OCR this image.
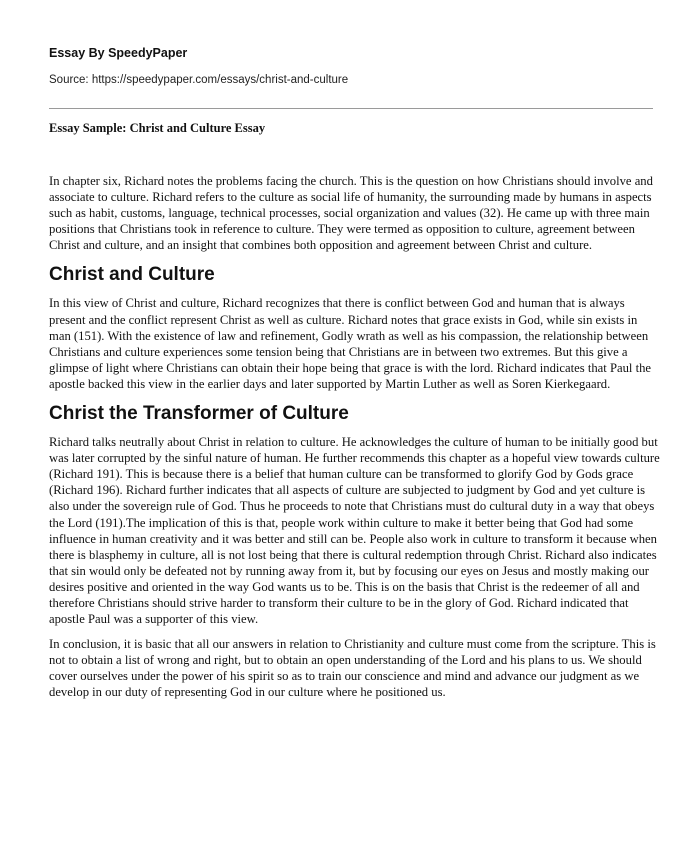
Essay By SpeedyPaper

Source: https://speedypaper.com/essays/christ-and-culture

Essay Sample: Christ and Culture Essay

In chapter six, Richard notes the problems facing the church. This is the question on how Christians should involve and associate to culture. Richard refers to the culture as social life of humanity, the surrounding made by humans in aspects such as habit, customs, language, technical processes, social organization and values (32). He came up with three main positions that Christians took in reference to culture. They were termed as opposition to culture, agreement between Christ and culture, and an insight that combines both opposition and agreement between Christ and culture.

Christ and Culture

In this view of Christ and culture, Richard recognizes that there is conflict between God and human that is always present and the conflict represent Christ as well as culture. Richard notes that grace exists in God, while sin exists in man (151). With the existence of law and refinement, Godly wrath as well as his compassion, the relationship between Christians and culture experiences some tension being that Christians are in between two extremes. But this give a glimpse of light where Christians can obtain their hope being that grace is with the lord. Richard indicates that Paul the apostle backed this view in the earlier days and later supported by Martin Luther as well as Soren Kierkegaard.

Christ the Transformer of Culture

Richard talks neutrally about Christ in relation to culture. He acknowledges the culture of human to be initially good but was later corrupted by the sinful nature of human. He further recommends this chapter as a hopeful view towards culture (Richard 191). This is because there is a belief that human culture can be transformed to glorify God by Gods grace (Richard 196). Richard further indicates that all aspects of culture are subjected to judgment by God and yet culture is also under the sovereign rule of God. Thus he proceeds to note that Christians must do cultural duty in a way that obeys the Lord (191).The implication of this is that, people work within culture to make it better being that God had some influence in human creativity and it was better and still can be. People also work in culture to transform it because when there is blasphemy in culture, all is not lost being that there is cultural redemption through Christ. Richard also indicates that sin would only be defeated not by running away from it, but by focusing our eyes on Jesus and mostly making our desires positive and oriented in the way God wants us to be. This is on the basis that Christ is the redeemer of all and therefore Christians should strive harder to transform their culture to be in the glory of God. Richard indicated that apostle Paul was a supporter of this view.

In conclusion, it is basic that all our answers in relation to Christianity and culture must come from the scripture. This is not to obtain a list of wrong and right, but to obtain an open understanding of the Lord and his plans to us. We should cover ourselves under the power of his spirit so as to train our conscience and mind and advance our judgment as we develop in our duty of representing God in our culture where he positioned us.
